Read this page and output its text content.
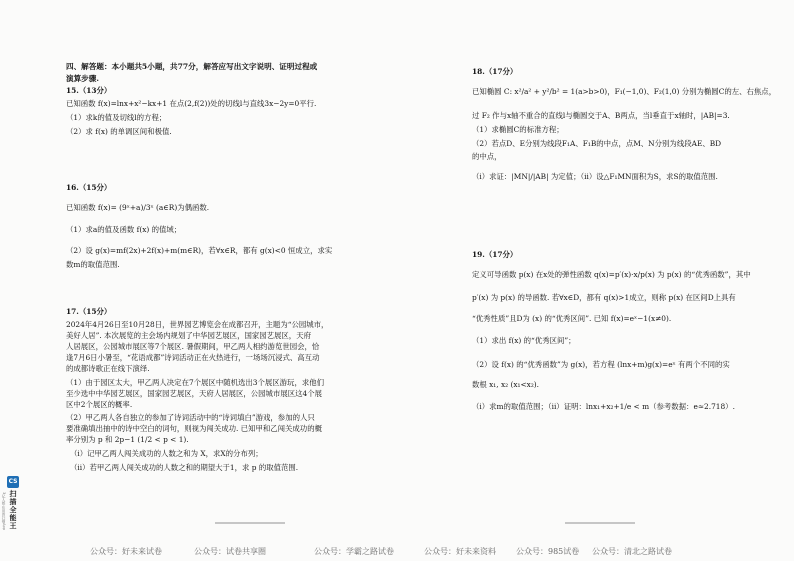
四、解答题：本小题共5小题，共77分，解答应写出文字说明、证明过程或
演算步骤.
15.（13分）
已知函数 f(x)=lnx+x²−kx+1 在点(2,f(2))处的切线l与直线3x−2y=0平行.
（1）求k的值及切线l的方程；
（2）求 f(x) 的单调区间和极值.
16.（15分）
已知函数 f(x)= (9ˣ+a)/3ˣ (a∈R)为偶函数.
（1）求a的值及函数 f(x) 的值域；
（2）设 g(x)=mf(2x)+2f(x)+m(m∈R)，若∀x∈R，都有 g(x)<0 恒成立，求实
数m的取值范围.
17.（15分）
2024年4月26日至10月28日，世界园艺博览会在成都召开，主题为“公园城市，
美好人居”. 本次展览的主会场内规划了中华园艺展区，国家园艺展区，天府
人居展区，公园城市展区等7个展区. 暑假期间，甲乙两人相约游览世园会，恰
逢7月6日小暑至，“花语成都”诗词活动正在火热进行，一场场沉浸式、高互动
的成都诗歌正在线下演绎.
（1）由于园区太大，甲乙两人决定在7个展区中随机选出3个展区游玩，求他们
至少选中中华园艺展区，国家园艺展区，天府人居展区，公园城市展区这4个展
区中2个展区的概率.
（2）甲乙两人各自独立的参加了诗词活动中的“诗词填白”游戏，参加的人只
要准确填出抽中的诗中空白的词句，则视为闯关成功. 已知甲和乙闯关成功的概
率分别为 p 和 2p−1 (1/2 < p < 1).
（i）记甲乙两人闯关成功的人数之和为 X，求X的分布列；
（ii）若甲乙两人闯关成功的人数之和的期望大于1，求 p 的取值范围.
18.（17分）
已知椭圆 C: x²/a² + y²/b² = 1(a>b>0)，F₁(−1,0)、F₂(1,0) 分别为椭圆C的左、右焦点，
过 F₂ 作与x轴不重合的直线l与椭圆交于A、B两点，当l垂直于x轴时，|AB|=3.
（1）求椭圆C的标准方程；
（2）若点D、E分别为线段F₁A、F₁B的中点，点M、N分别为线段AE、BD
的中点，
（i）求证：|MN|/|AB| 为定值；（ii）设△F₁MN面积为S，求S的取值范围.
19.（17分）
定义可导函数 p(x) 在x处的弹性函数 q(x)=p′(x)·x/p(x) 为 p(x) 的“优秀函数”，其中
p′(x) 为 p(x) 的导函数. 若∀x∈D，都有 q(x)>1成立，则称 p(x) 在区间D上具有
“优秀性质”且D为 (x) 的“优秀区间”. 已知 f(x)=eˣ−1(x≠0).
（1）求出 f(x) 的“优秀区间”；
（2）设 f(x) 的“优秀函数”为 g(x)，若方程 (lnx+m)g(x)=eˣ 有两个不同的实
数根 x₁, x₂ (x₁<x₂).
（i）求m的取值范围；（ii）证明：lnx₁+x₂+1/e < m（参考数据：e≈2.718）.
CS
扫描全能王
3亿人都在用的扫描App
公众号：好未来试卷	公众号：试卷共享圈	公众号：学霸之路试卷	公众号：好未来资料	公众号：985试卷 公众号：清北之路试卷
